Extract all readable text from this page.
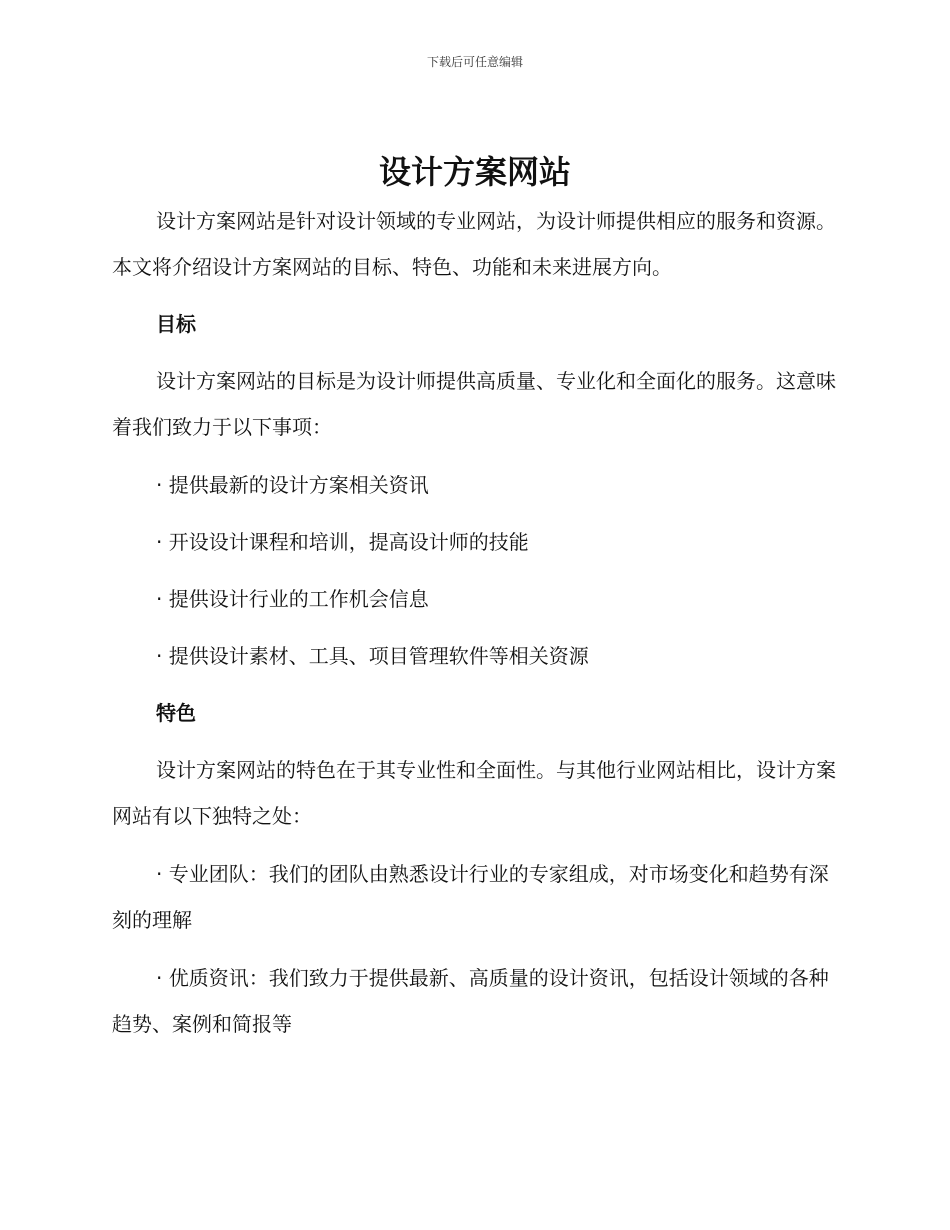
下载后可任意编辑
设计方案网站

设计方案网站是针对设计领域的专业网站，为设计师提供相应的服务和资源。本文将介绍设计方案网站的目标、特色、功能和未来进展方向。

目标

设计方案网站的目标是为设计师提供高质量、专业化和全面化的服务。这意味着我们致力于以下事项：

· 提供最新的设计方案相关资讯

· 开设设计课程和培训，提高设计师的技能

· 提供设计行业的工作机会信息

· 提供设计素材、工具、项目管理软件等相关资源

特色

设计方案网站的特色在于其专业性和全面性。与其他行业网站相比，设计方案网站有以下独特之处：

· 专业团队：我们的团队由熟悉设计行业的专家组成，对市场变化和趋势有深刻的理解

· 优质资讯：我们致力于提供最新、高质量的设计资讯，包括设计领域的各种趋势、案例和简报等
